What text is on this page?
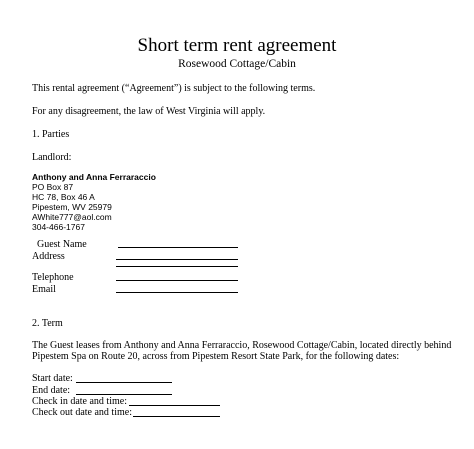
Short term rent agreement
Rosewood Cottage/Cabin
This rental agreement (“Agreement”) is subject to the following terms.
For any disagreement, the law of West Virginia will apply.
1. Parties
Landlord:
Anthony and Anna Ferraraccio
PO Box 87
HC 78, Box 46 A
Pipestem, WV 25979
AWhite777@aol.com
304-466-1767
Guest Name
Address
Telephone
Email
2. Term
The Guest leases from Anthony and Anna Ferraraccio, Rosewood Cottage/Cabin, located directly behind
Pipestem Spa on Route 20, across from Pipestem Resort State Park, for the following dates:
Start date:
End date:
Check in date and time:
Check out date and time:
